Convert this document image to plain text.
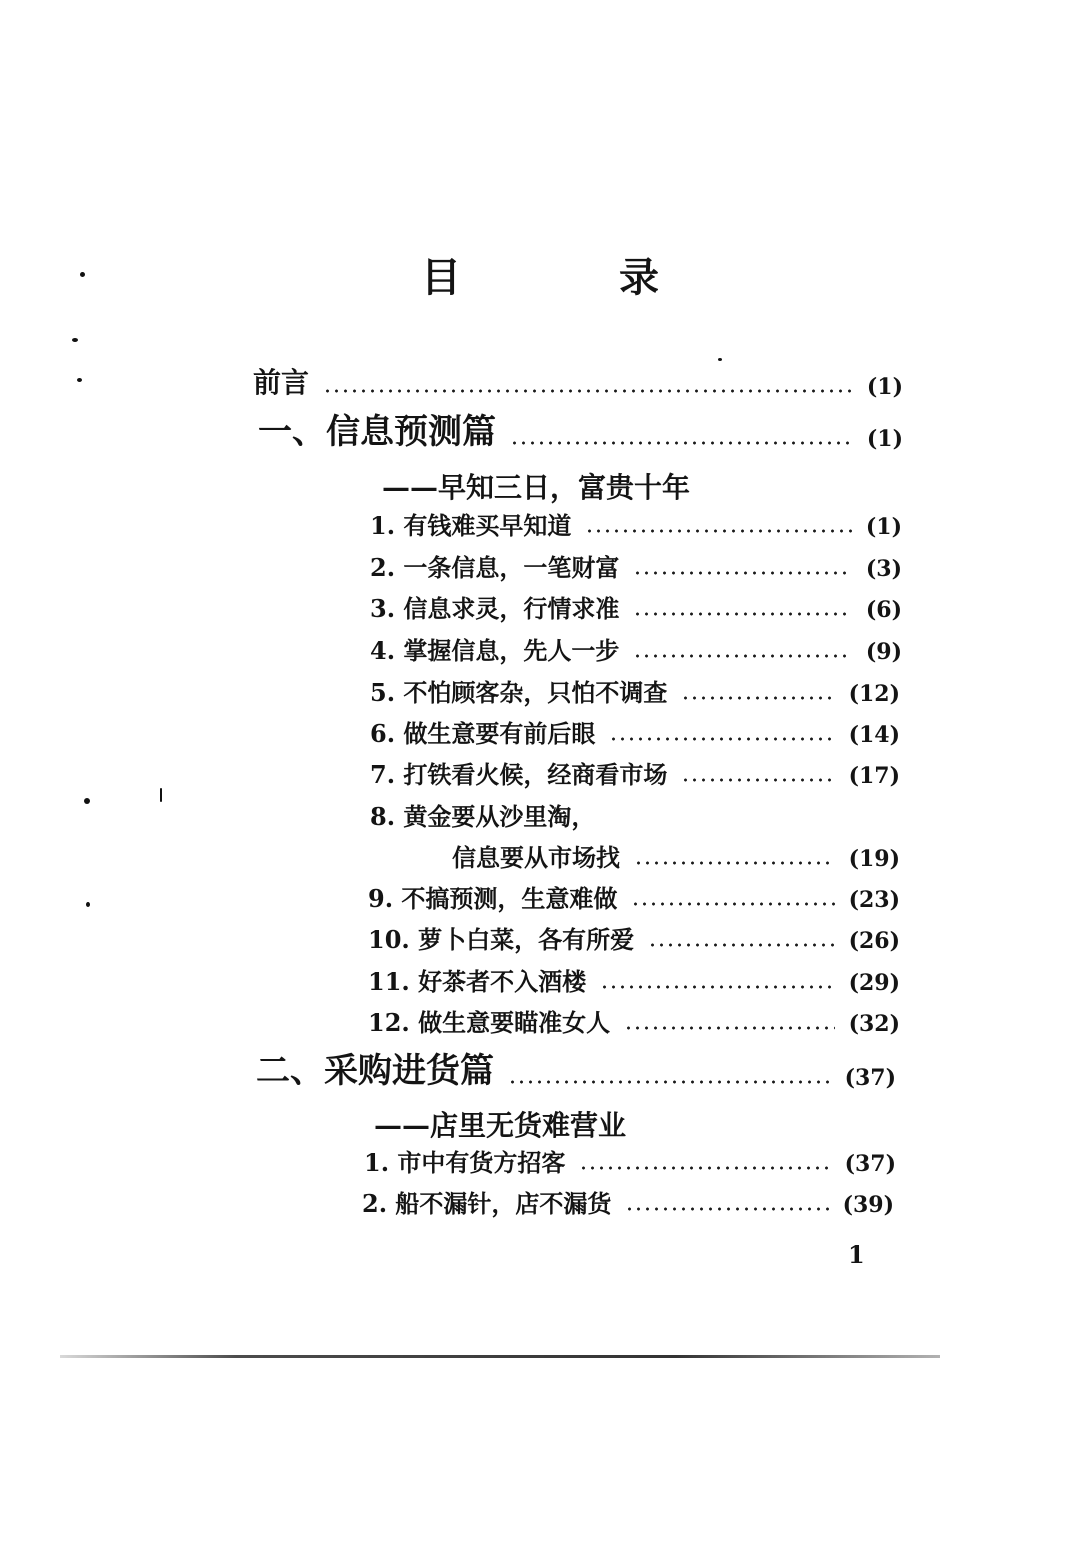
目 录
前言	(1)
一、信息预测篇	(1)
——早知三日，富贵十年
1. 有钱难买早知道	(1)
2. 一条信息，一笔财富	(3)
3. 信息求灵，行情求准	(6)
4. 掌握信息，先人一步	(9)
5. 不怕顾客杂，只怕不调查	(12)
6. 做生意要有前后眼	(14)
7. 打铁看火候，经商看市场	(17)
8. 黄金要从沙里淘，
信息要从市场找	(19)
9. 不搞预测，生意难做	(23)
10. 萝卜白菜，各有所爱	(26)
11. 好茶者不入酒楼	(29)
12. 做生意要瞄准女人	(32)
二、采购进货篇	(37)
——店里无货难营业
1. 市中有货方招客	(37)
2. 船不漏针，店不漏货	(39)
1
